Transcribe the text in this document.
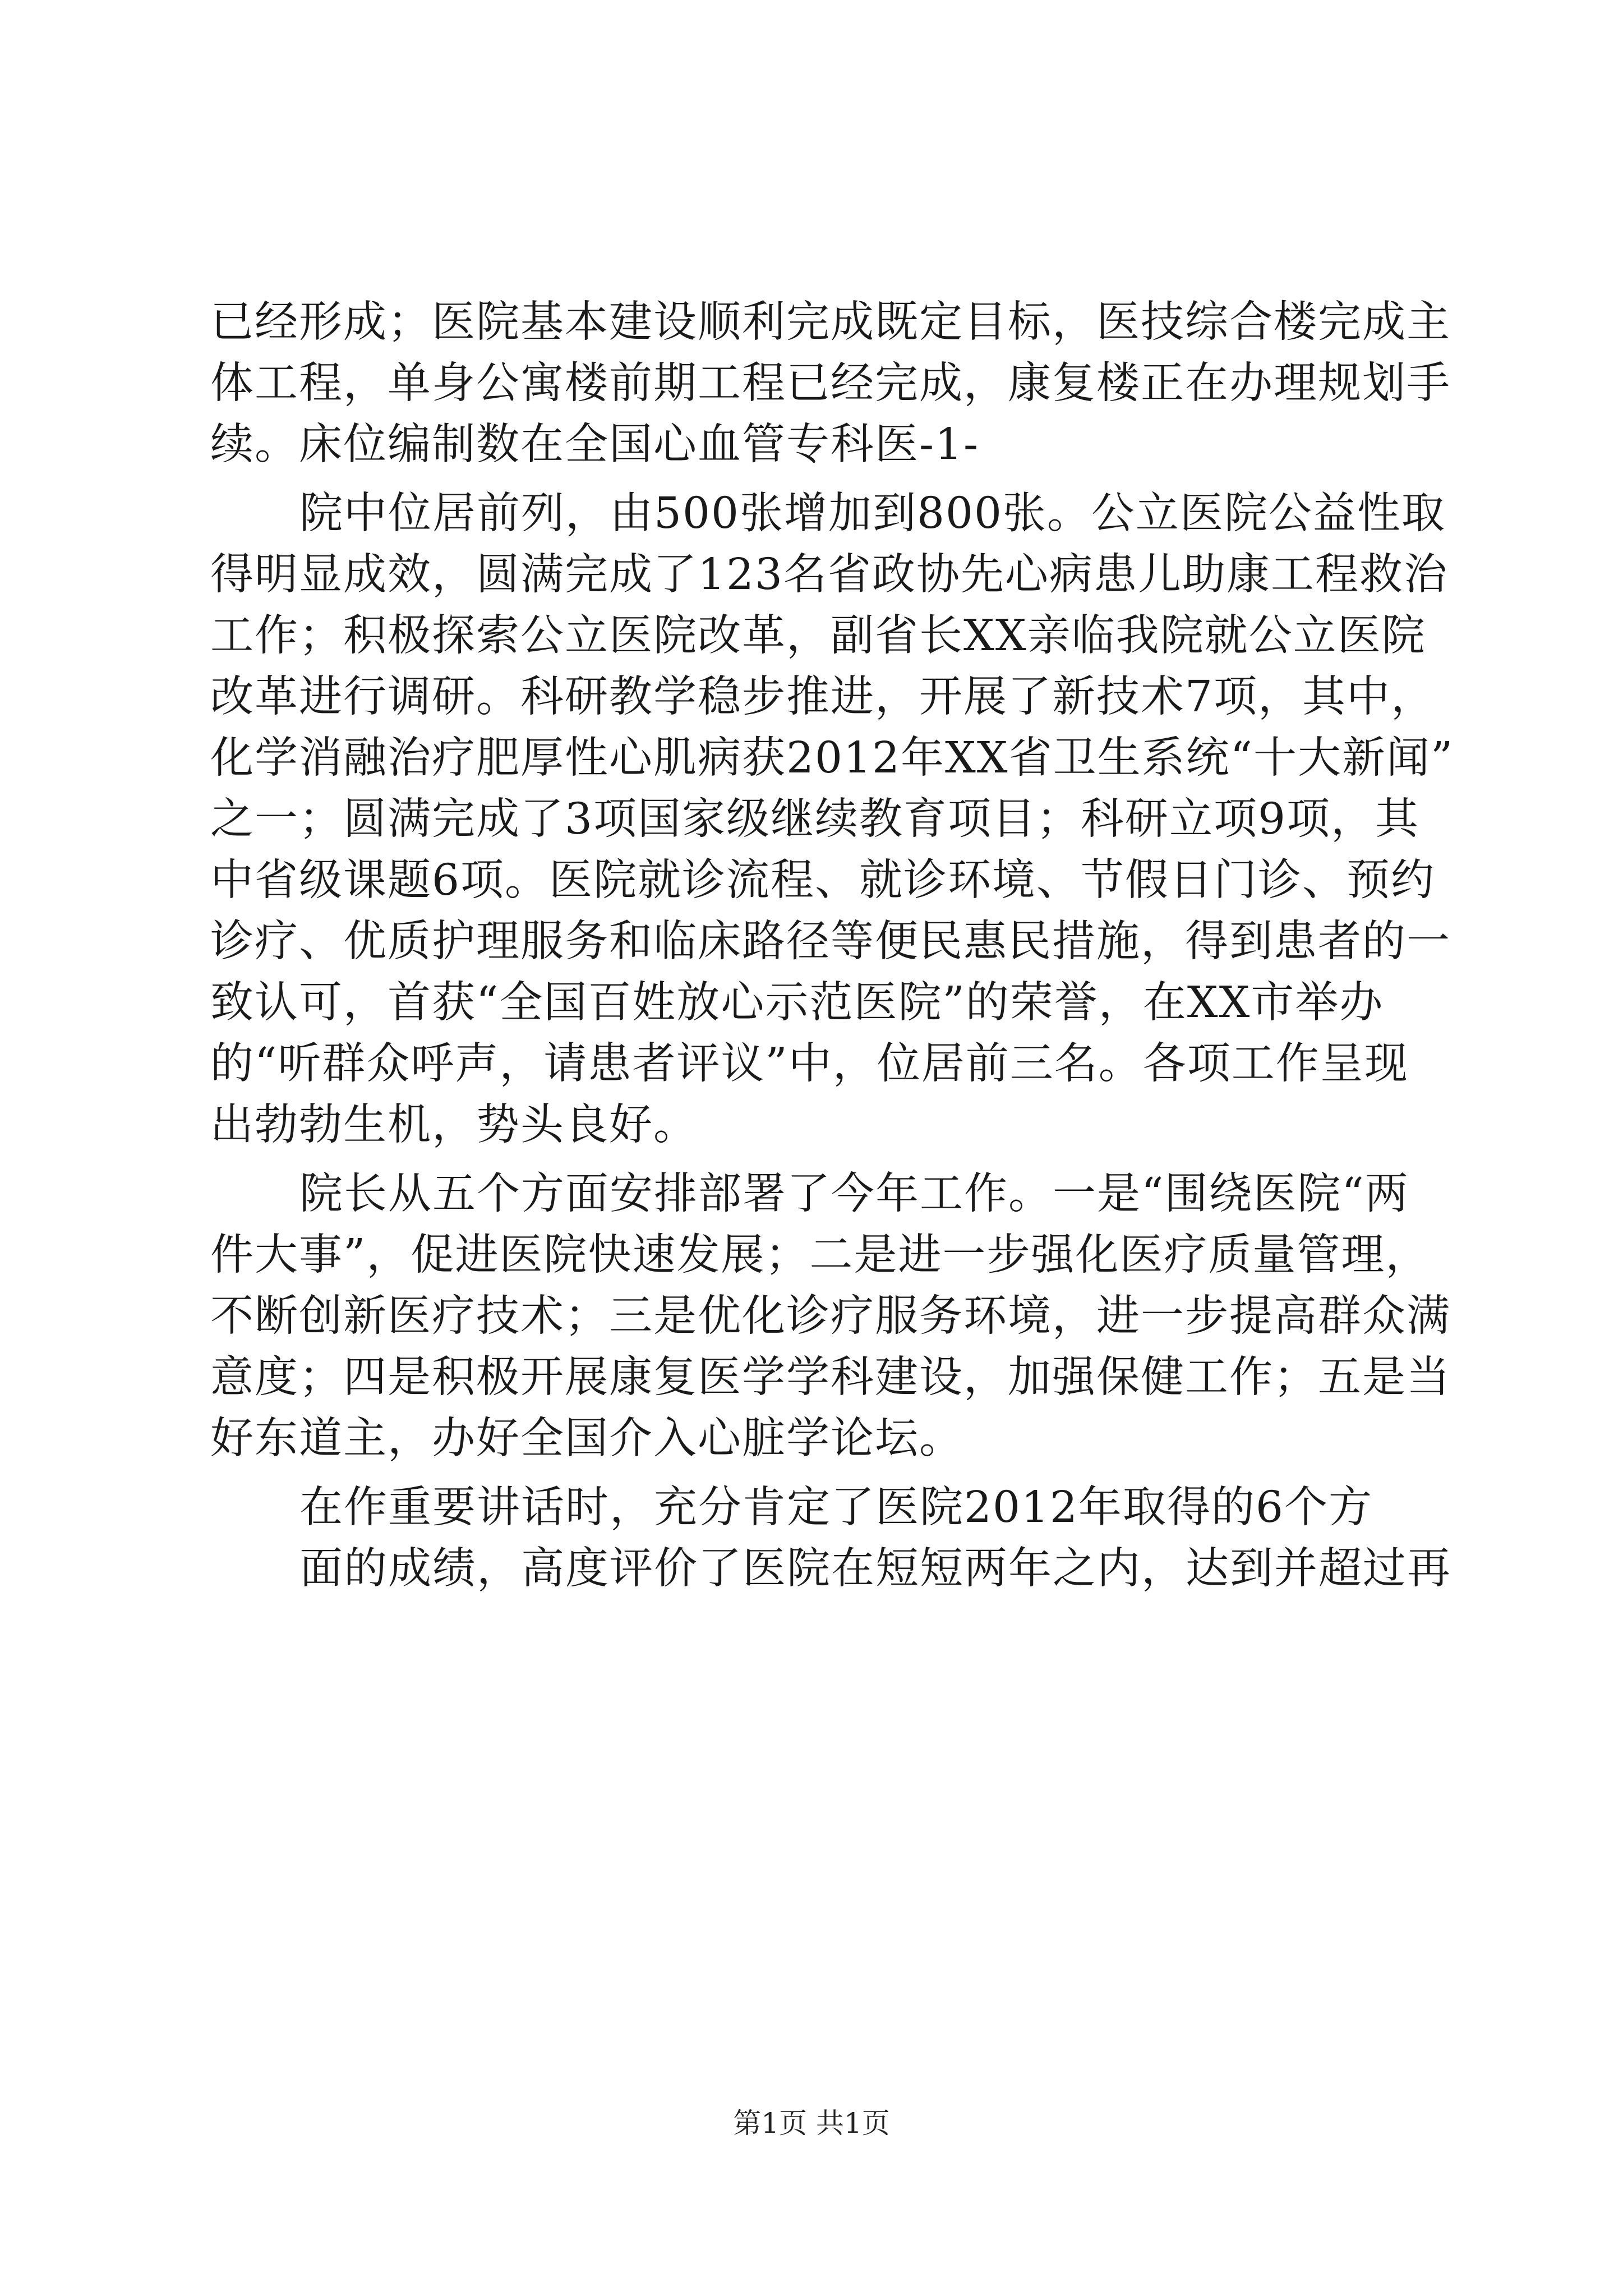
已经形成；医院基本建设顺利完成既定目标，医技综合楼完成主
体工程，单身公寓楼前期工程已经完成，康复楼正在办理规划手
续。床位编制数在全国心血管专科医-1-
院中位居前列，由500张增加到800张。公立医院公益性取
得明显成效，圆满完成了123名省政协先心病患儿助康工程救治
工作；积极探索公立医院改革，副省长XX亲临我院就公立医院
改革进行调研。科研教学稳步推进，开展了新技术7项，其中，
化学消融治疗肥厚性心肌病获2012年XX省卫生系统“十大新闻”
之一；圆满完成了3项国家级继续教育项目；科研立项9项，其
中省级课题6项。医院就诊流程、就诊环境、节假日门诊、预约
诊疗、优质护理服务和临床路径等便民惠民措施，得到患者的一
致认可，首获“全国百姓放心示范医院”的荣誉，在XX市举办
的“听群众呼声，请患者评议”中，位居前三名。各项工作呈现
出勃勃生机，势头良好。
院长从五个方面安排部署了今年工作。一是“围绕医院“两
件大事”，促进医院快速发展；二是进一步强化医疗质量管理，
不断创新医疗技术；三是优化诊疗服务环境，进一步提高群众满
意度；四是积极开展康复医学学科建设，加强保健工作；五是当
好东道主，办好全国介入心脏学论坛。
在作重要讲话时，充分肯定了医院2012年取得的6个方
面的成绩，高度评价了医院在短短两年之内，达到并超过再
第1页 共1页
